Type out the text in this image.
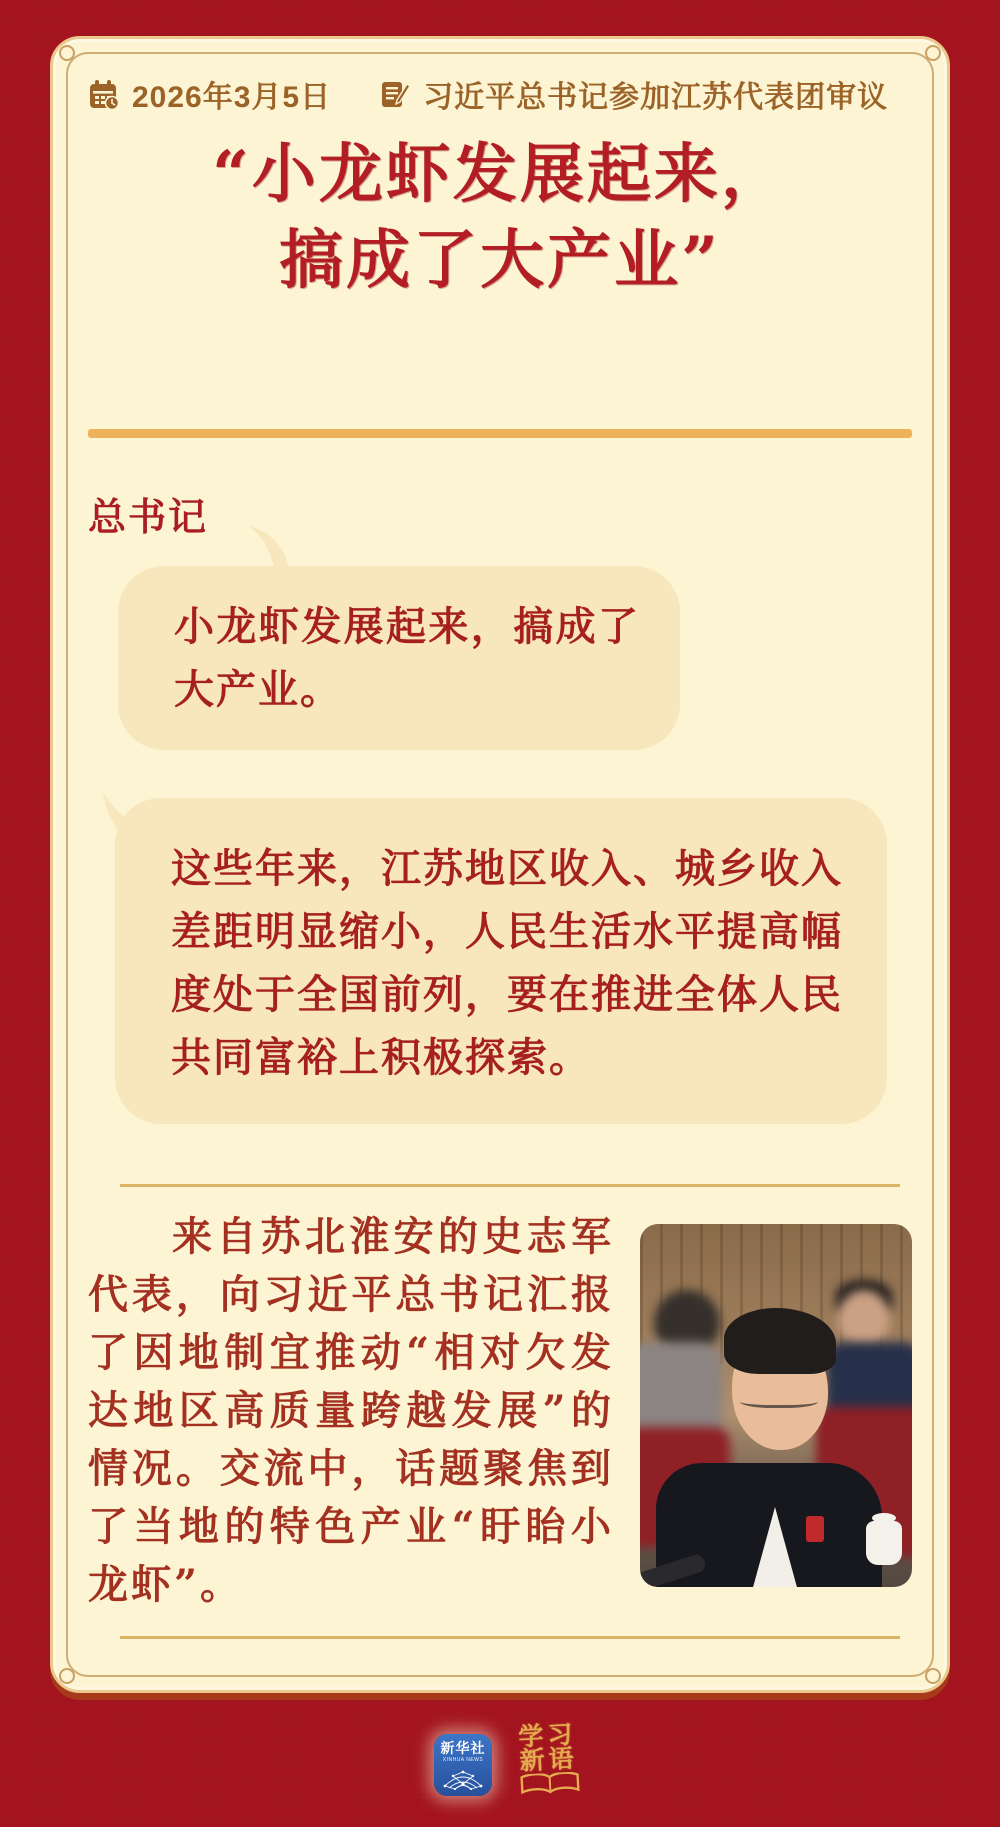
2026年3月5日	习近平总书记参加江苏代表团审议
“小龙虾发展起来，
搞成了大产业”
总书记
小龙虾发展起来，搞成了大产业。
这些年来，江苏地区收入、城乡收入差距明显缩小，人民生活水平提高幅度处于全国前列，要在推进全体人民共同富裕上积极探索。

来自苏北淮安的史志军代表，向习近平总书记汇报了因地制宜推动“相对欠发达地区高质量跨越发展”的情况。交流中，话题聚焦到了当地的特色产业“盱眙小龙虾”。

新华社
XINHUA NEWS
学习
新语
